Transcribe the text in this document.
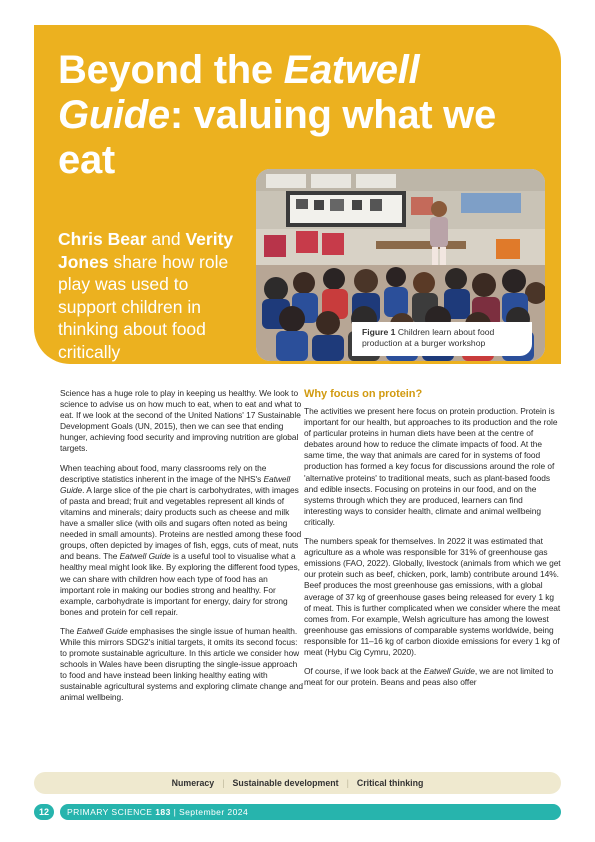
Beyond the Eatwell Guide: valuing what we eat
Chris Bear and Verity Jones share how role play was used to support children in thinking about food critically
Figure 1 Children learn about food production at a burger workshop

Science has a huge role to play in keeping us healthy. We look to science to advise us on how much to eat, when to eat and what to eat. If we look at the second of the United Nations' 17 Sustainable Development Goals (UN, 2015), then we can see that ending hunger, achieving food security and improving nutrition are global targets.

When teaching about food, many classrooms rely on the descriptive statistics inherent in the image of the NHS's Eatwell Guide. A large slice of the pie chart is carbohydrates, with images of pasta and bread; fruit and vegetables represent all kinds of vitamins and minerals; dairy products such as cheese and milk have a smaller slice (with oils and sugars often noted as being needed in small amounts). Proteins are nestled among these food groups, often depicted by images of fish, eggs, cuts of meat, nuts and beans. The Eatwell Guide is a useful tool to visualise what a healthy meal might look like. By exploring the different food types, we can share with children how each type of food has an important role in making our bodies strong and healthy. For example, carbohydrate is important for energy, dairy for strong bones and protein for cell repair.

The Eatwell Guide emphasises the single issue of human health. While this mirrors SDG2's initial targets, it omits its second focus: to promote sustainable agriculture. In this article we consider how schools in Wales have been disrupting the single-issue approach to food and have instead been linking healthy eating with sustainable agricultural systems and exploring climate change and animal wellbeing.

Why focus on protein?

The activities we present here focus on protein production. Protein is important for our health, but approaches to its production and the role of particular proteins in human diets have been at the centre of debates around how to reduce the climate impacts of food. At the same time, the way that animals are cared for in systems of food production has formed a key focus for discussions around the role of 'alternative proteins' to traditional meats, such as plant-based foods and edible insects. Focusing on proteins in our food, and on the systems through which they are produced, learners can find interesting ways to consider health, climate and animal wellbeing critically.

The numbers speak for themselves. In 2022 it was estimated that agriculture as a whole was responsible for 31% of greenhouse gas emissions (FAO, 2022). Globally, livestock (animals from which we get our protein such as beef, chicken, pork, lamb) contribute around 14%. Beef produces the most greenhouse gas emissions, with a global average of 37 kg of greenhouse gases being released for every 1 kg of meat. This is further complicated when we consider where the meat comes from. For example, Welsh agriculture has among the lowest greenhouse gas emissions of comparable systems worldwide, being responsible for 11–16 kg of carbon dioxide emissions for every 1 kg of meat (Hybu Cig Cymru, 2020).

Of course, if we look back at the Eatwell Guide, we are not limited to meat for our protein. Beans and peas also offer

Numeracy | Sustainable development | Critical thinking
12	PRIMARY SCIENCE 183 | September 2024
